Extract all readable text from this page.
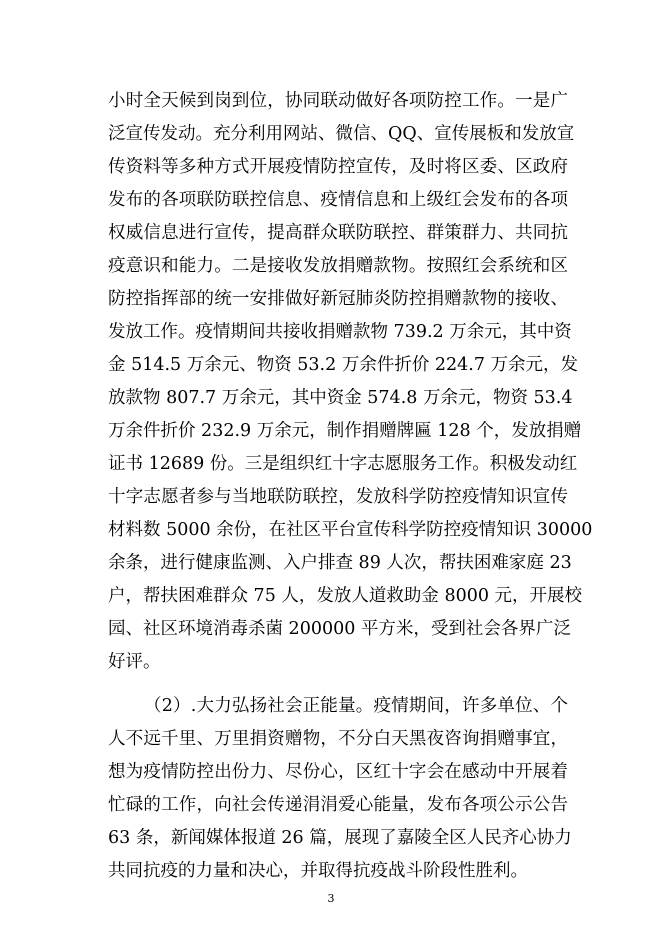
小时全天候到岗到位，协同联动做好各项防控工作。一是广
泛宣传发动。充分利用网站、微信、QQ、宣传展板和发放宣
传资料等多种方式开展疫情防控宣传，及时将区委、区政府
发布的各项联防联控信息、疫情信息和上级红会发布的各项
权威信息进行宣传，提高群众联防联控、群策群力、共同抗
疫意识和能力。二是接收发放捐赠款物。按照红会系统和区
防控指挥部的统一安排做好新冠肺炎防控捐赠款物的接收、
发放工作。疫情期间共接收捐赠款物 739.2 万余元，其中资
金 514.5 万余元、物资 53.2 万余件折价 224.7 万余元，发
放款物 807.7 万余元，其中资金 574.8 万余元，物资 53.4
万余件折价 232.9 万余元，制作捐赠牌匾 128 个，发放捐赠
证书 12689 份。三是组织红十字志愿服务工作。积极发动红
十字志愿者参与当地联防联控，发放科学防控疫情知识宣传
材料数 5000 余份，在社区平台宣传科学防控疫情知识 30000
余条，进行健康监测、入户排查 89 人次，帮扶困难家庭 23
户，帮扶困难群众 75 人，发放人道救助金 8000 元，开展校
园、社区环境消毒杀菌 200000 平方米，受到社会各界广泛
好评。
（2）.大力弘扬社会正能量。疫情期间，许多单位、个
人不远千里、万里捐资赠物，不分白天黑夜咨询捐赠事宜，
想为疫情防控出份力、尽份心，区红十字会在感动中开展着
忙碌的工作，向社会传递涓涓爱心能量，发布各项公示公告
63 条，新闻媒体报道 26 篇，展现了嘉陵全区人民齐心协力
共同抗疫的力量和决心，并取得抗疫战斗阶段性胜利。
3
